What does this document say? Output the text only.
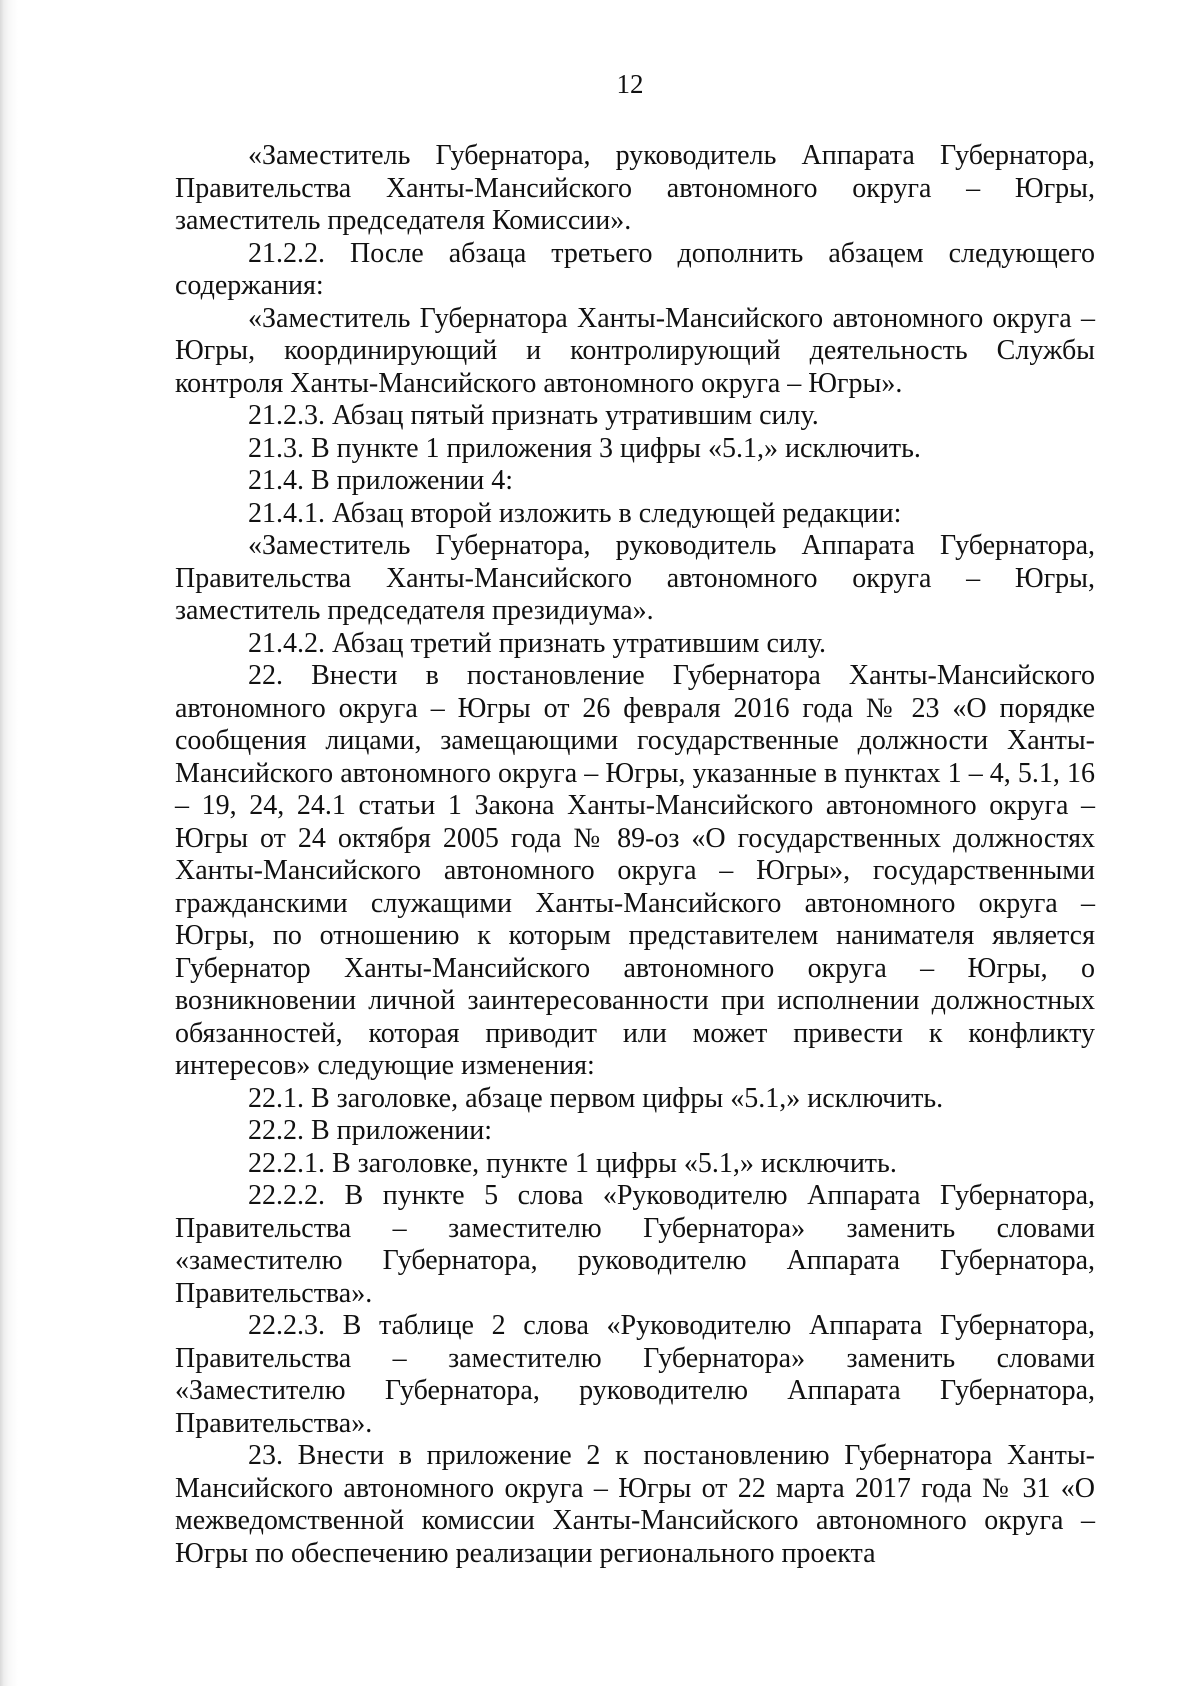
12

«Заместитель Губернатора, руководитель Аппарата Губернатора, Правительства Ханты-Мансийского автономного округа – Югры, заместитель председателя Комиссии».

21.2.2. После абзаца третьего дополнить абзацем следующего содержания:

«Заместитель Губернатора Ханты-Мансийского автономного округа – Югры, координирующий и контролирующий деятельность Службы контроля Ханты-Мансийского автономного округа – Югры».

21.2.3. Абзац пятый признать утратившим силу.

21.3. В пункте 1 приложения 3 цифры «5.1,» исключить.

21.4. В приложении 4:

21.4.1. Абзац второй изложить в следующей редакции:

«Заместитель Губернатора, руководитель Аппарата Губернатора, Правительства Ханты-Мансийского автономного округа – Югры, заместитель председателя президиума».

21.4.2. Абзац третий признать утратившим силу.

22. Внести в постановление Губернатора Ханты-Мансийского автономного округа – Югры от 26 февраля 2016 года № 23 «О порядке сообщения лицами, замещающими государственные должности Ханты-Мансийского автономного округа – Югры, указанные в пунктах 1 – 4, 5.1, 16 – 19, 24, 24.1 статьи 1 Закона Ханты-Мансийского автономного округа – Югры от 24 октября 2005 года № 89-оз «О государственных должностях Ханты-Мансийского автономного округа – Югры», государственными гражданскими служащими Ханты-Мансийского автономного округа – Югры, по отношению к которым представителем нанимателя является Губернатор Ханты-Мансийского автономного округа – Югры, о возникновении личной заинтересованности при исполнении должностных обязанностей, которая приводит или может привести к конфликту интересов» следующие изменения:

22.1. В заголовке, абзаце первом цифры «5.1,» исключить.

22.2. В приложении:

22.2.1. В заголовке, пункте 1 цифры «5.1,» исключить.

22.2.2. В пункте 5 слова «Руководителю Аппарата Губернатора, Правительства – заместителю Губернатора» заменить словами «заместителю Губернатора, руководителю Аппарата Губернатора, Правительства».

22.2.3. В таблице 2 слова «Руководителю Аппарата Губернатора, Правительства – заместителю Губернатора» заменить словами «Заместителю Губернатора, руководителю Аппарата Губернатора, Правительства».

23. Внести в приложение 2 к постановлению Губернатора Ханты-Мансийского автономного округа – Югры от 22 марта 2017 года № 31 «О межведомственной комиссии Ханты-Мансийского автономного округа – Югры по обеспечению реализации регионального проекта
